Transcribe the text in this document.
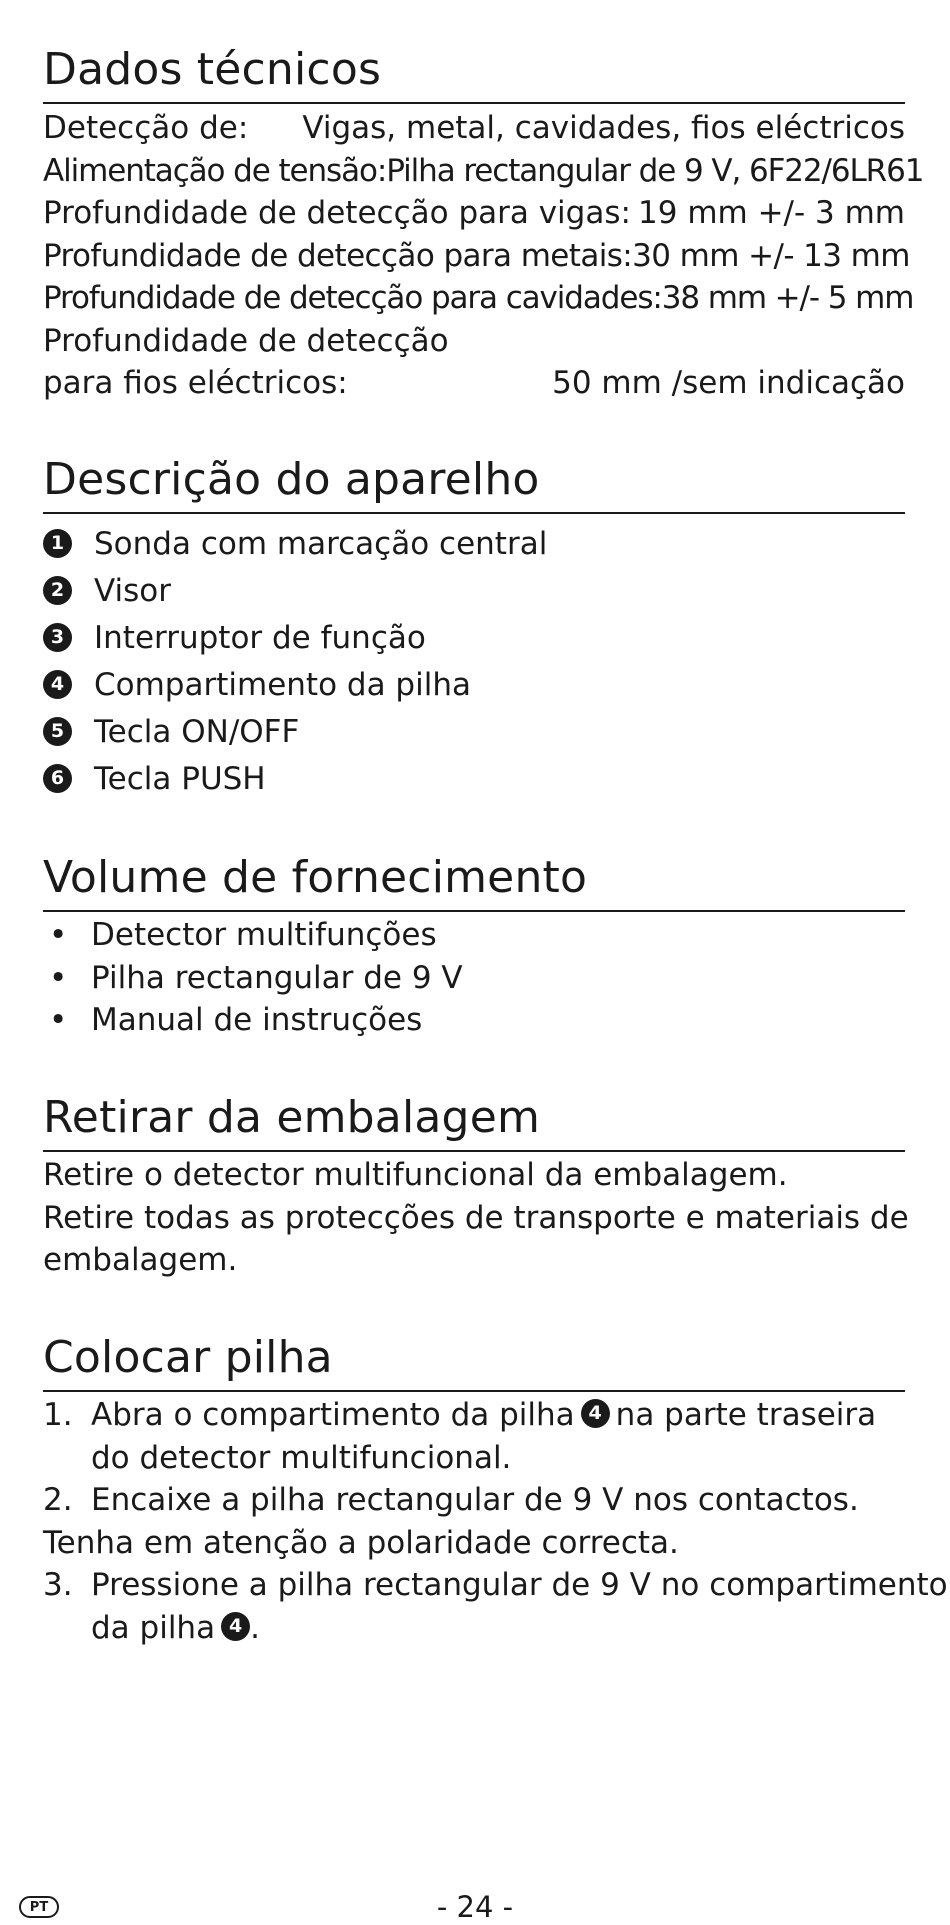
Dados técnicos
Detecção de: Vigas, metal, cavidades, fios eléctricos
Alimentação de tensão: Pilha rectangular de 9 V, 6F22/6LR61
Profundidade de detecção para vigas: 19 mm +/- 3 mm
Profundidade de detecção para metais: 30 mm +/- 13 mm
Profundidade de detecção para cavidades: 38 mm +/- 5 mm
Profundidade de detecção
para fios eléctricos:	50 mm /sem indicação
Descrição do aparelho
1 Sonda com marcação central
2 Visor
3 Interruptor de função
4 Compartimento da pilha
5 Tecla ON/OFF
6 Tecla PUSH
Volume de fornecimento
• Detector multifunções
• Pilha rectangular de 9 V
• Manual de instruções
Retirar da embalagem
Retire o detector multifuncional da embalagem.
Retire todas as protecções de transporte e materiais de
embalagem.
Colocar pilha
1. Abra o compartimento da pilha 4 na parte traseira
do detector multifuncional.
2. Encaixe a pilha rectangular de 9 V nos contactos.
Tenha em atenção a polaridade correcta.
3. Pressione a pilha rectangular de 9 V no compartimento
da pilha 4 .
PT	- 24 -
